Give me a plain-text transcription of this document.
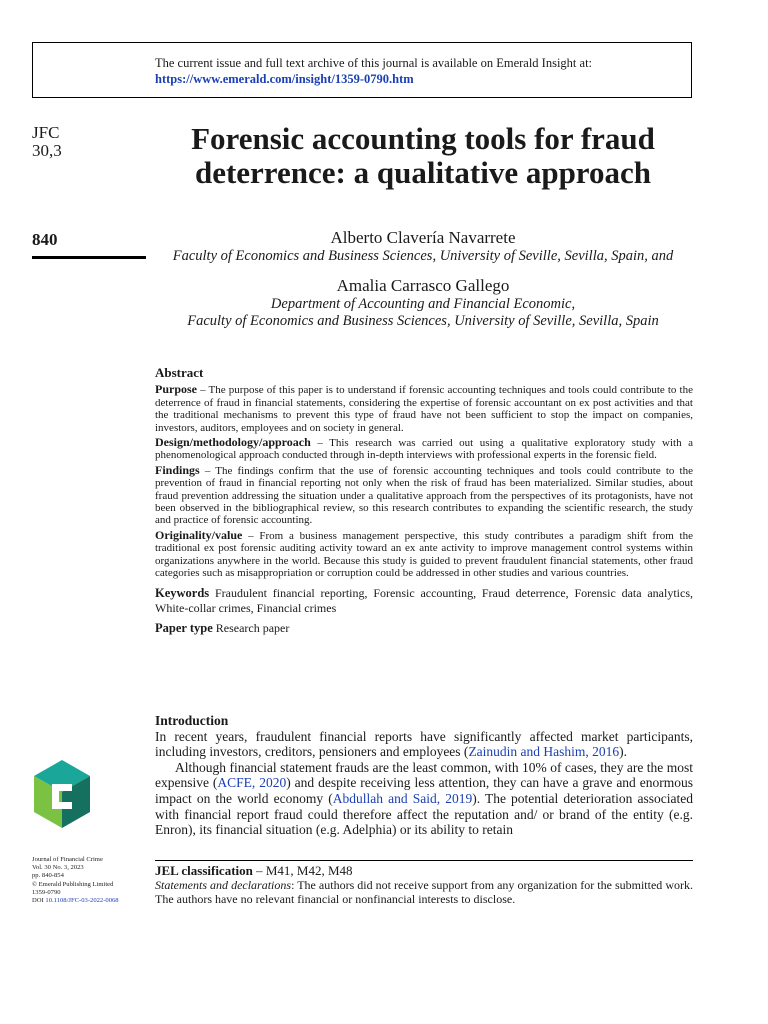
The current issue and full text archive of this journal is available on Emerald Insight at:
https://www.emerald.com/insight/1359-0790.htm
JFC
30,3
840
Forensic accounting tools for fraud deterrence: a qualitative approach
Alberto Clavería Navarrete
Faculty of Economics and Business Sciences, University of Seville, Sevilla, Spain, and
Amalia Carrasco Gallego
Department of Accounting and Financial Economic,
Faculty of Economics and Business Sciences, University of Seville, Sevilla, Spain
Abstract

Purpose – The purpose of this paper is to understand if forensic accounting techniques and tools could contribute to the deterrence of fraud in financial statements, considering the expertise of forensic accountant on ex post activities and that the traditional mechanisms to prevent this type of fraud have not been sufficient to stop the impact on companies, investors, auditors, employees and on society in general.

Design/methodology/approach – This research was carried out using a qualitative exploratory study with a phenomenological approach conducted through in-depth interviews with professional experts in the forensic field.

Findings – The findings confirm that the use of forensic accounting techniques and tools could contribute to the prevention of fraud in financial reporting not only when the risk of fraud has been materialized. Similar studies, about fraud prevention addressing the situation under a qualitative approach from the perspectives of its protagonists, have not been observed in the bibliographical review, so this research contributes to expanding the scientific research, the study and practice of forensic accounting.

Originality/value – From a business management perspective, this study contributes a paradigm shift from the traditional ex post forensic auditing activity toward an ex ante activity to improve management control systems within organizations anywhere in the world. Because this study is guided to prevent fraudulent financial statements, other fraud categories such as misappropriation or corruption could be addressed in other studies and various countries.

Keywords Fraudulent financial reporting, Forensic accounting, Fraud deterrence, Forensic data analytics, White-collar crimes, Financial crimes
Paper type Research paper
Introduction

In recent years, fraudulent financial reports have significantly affected market participants, including investors, creditors, pensioners and employees (Zainudin and Hashim, 2016).

Although financial statement frauds are the least common, with 10% of cases, they are the most expensive (ACFE, 2020) and despite receiving less attention, they can have a grave and enormous impact on the world economy (Abdullah and Said, 2019). The potential deterioration associated with financial report fraud could therefore affect the reputation and/ or brand of the entity (e.g. Enron), its financial situation (e.g. Adelphia) or its ability to retain

JEL classification – M41, M42, M48
Statements and declarations: The authors did not receive support from any organization for the submitted work. The authors have no relevant financial or nonfinancial interests to disclose.
Journal of Financial Crime
Vol. 30 No. 3, 2023
pp. 840-854
© Emerald Publishing Limited
1359-0790
DOI 10.1108/JFC-03-2022-0068
